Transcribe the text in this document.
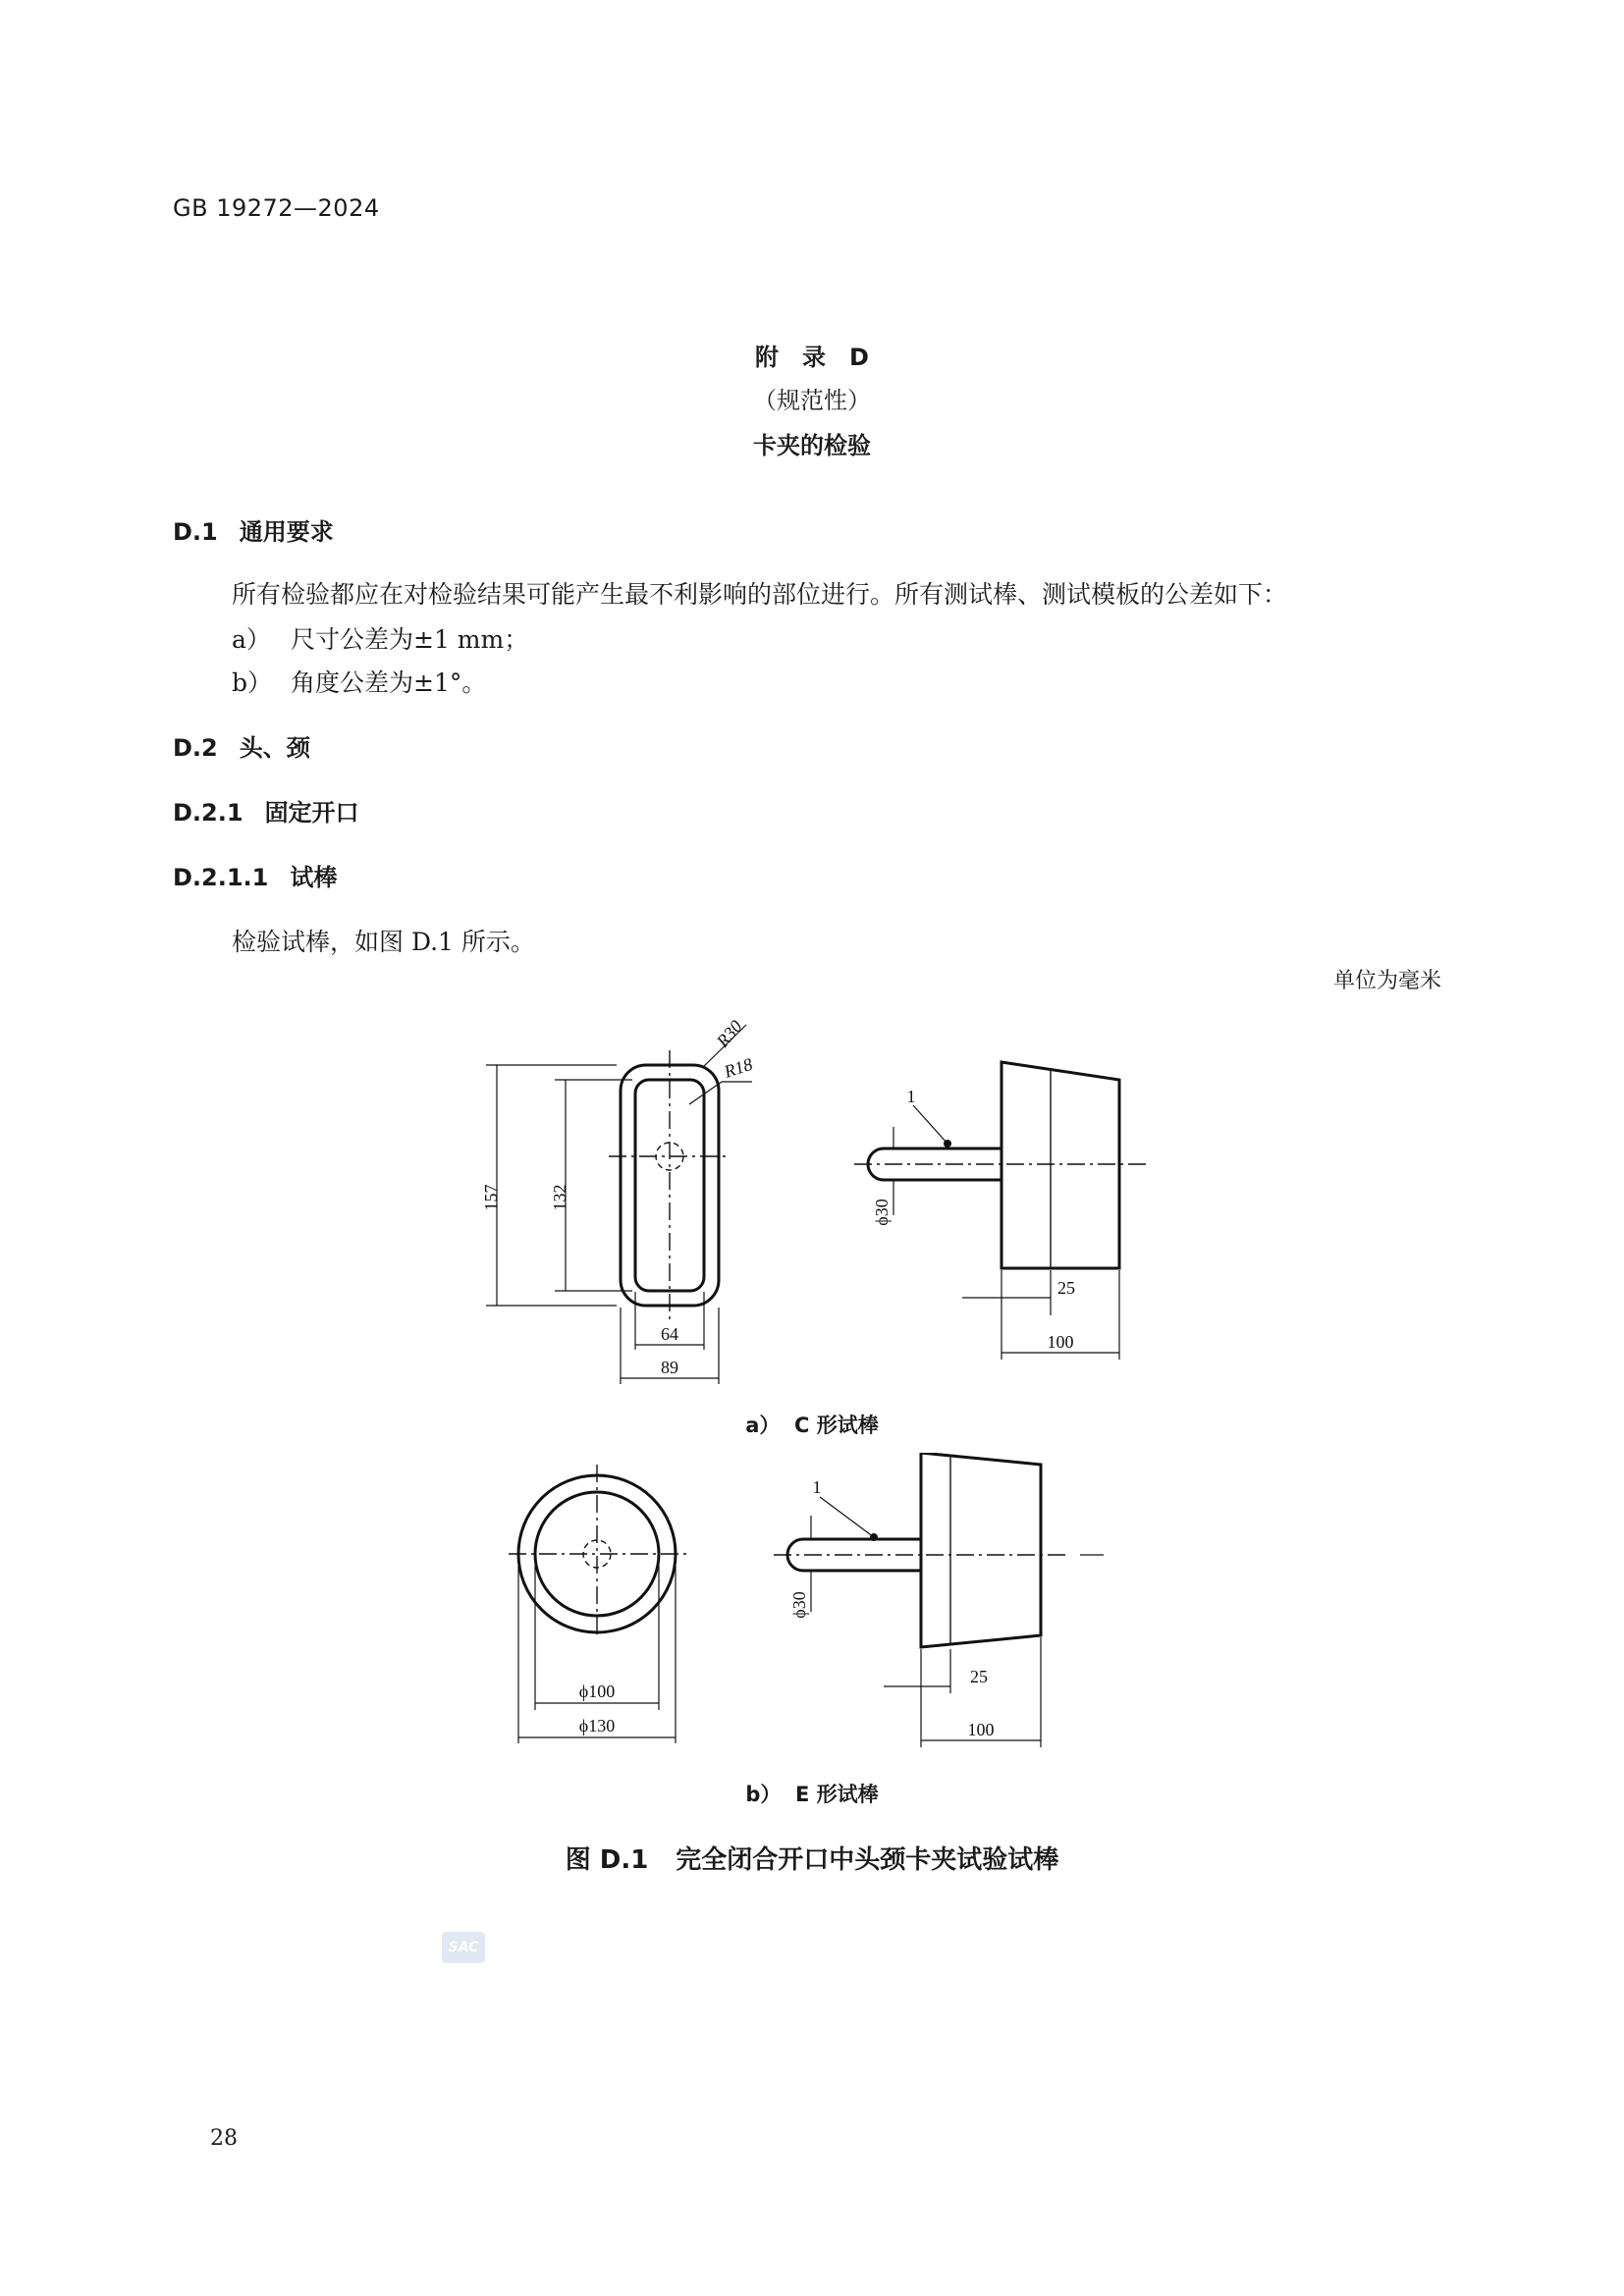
GB 19272—2024
附　录　D
（规范性）
卡夹的检验
D.1 通用要求
所有检验都应在对检验结果可能产生最不利影响的部位进行。所有测试棒、测试模板的公差如下：
a） 尺寸公差为±1 mm；
b） 角度公差为±1°。
D.2 头、颈
D.2.1 固定开口
D.2.1.1 试棒
检验试棒，如图 D.1 所示。
单位为毫米
157	132
64
89
R30
R18
1
ϕ30
25
100
a） C 形试棒
ϕ100
ϕ130
1
ϕ30
25
100
b） E 形试棒
图 D.1 完全闭合开口中头颈卡夹试验试棒
SAC
28
